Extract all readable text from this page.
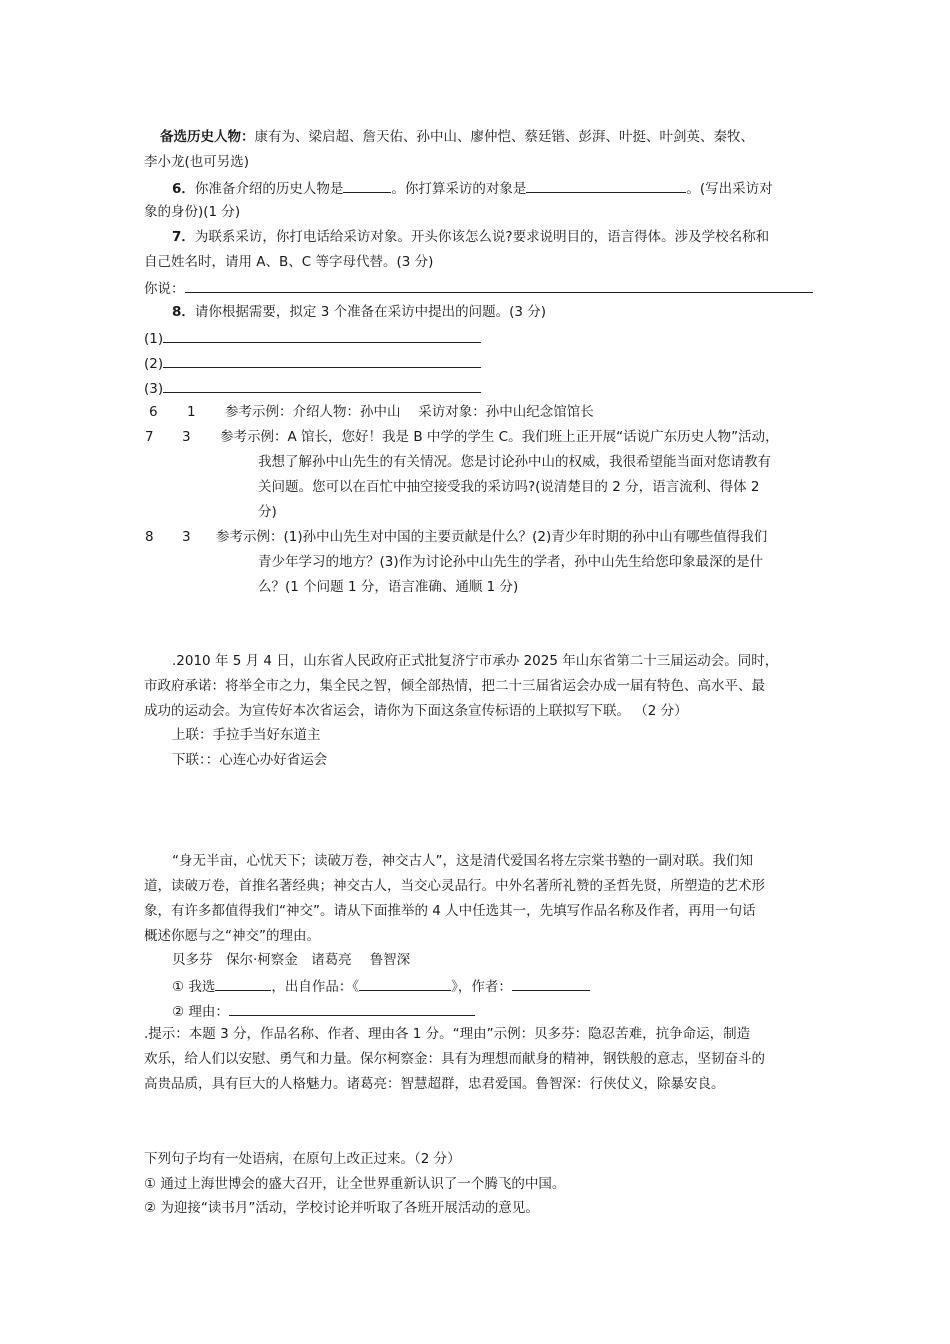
备选历史人物：康有为、梁启超、詹天佑、孙中山、廖仲恺、蔡廷锴、彭湃、叶挺、叶剑英、秦牧、
李小龙(也可另选)
6．你准备介绍的历史人物是	。你打算采访的对象是	。(写出采访对
象的身份)(1 分)
7．为联系采访，你打电话给采访对象。开头你该怎么说?要求说明目的，语言得体。涉及学校名称和
自己姓名时，请用 A、B、C 等字母代替。(3 分)
你说：
8．请你根据需要，拟定 3 个准备在采访中提出的问题。(3 分)
(1)
(2)
(3)
6 1 参考示例：介绍人物：孙中山　 采访对象：孙中山纪念馆馆长
7 3 参考示例：A 馆长，您好！我是 B 中学的学生 C。我们班上正开展“话说广东历史人物”活动，
我想了解孙中山先生的有关情况。您是讨论孙中山的权威，我很希望能当面对您请教有
关问题。您可以在百忙中抽空接受我的采访吗?(说清楚目的 2 分，语言流利、得体 2
分)
8 3 参考示例：(1)孙中山先生对中国的主要贡献是什么？(2)青少年时期的孙中山有哪些值得我们
青少年学习的地方？(3)作为讨论孙中山先生的学者，孙中山先生给您印象最深的是什
么？(1 个问题 1 分，语言准确、通顺 1 分)
.2010 年 5 月 4 日，山东省人民政府正式批复济宁市承办 2025 年山东省第二十三届运动会。同时，
市政府承诺：将举全市之力，集全民之智，倾全部热情，把二十三届省运会办成一届有特色、高水平、最
成功的运动会。为宣传好本次省运会，请你为下面这条宣传标语的上联拟写下联。 （2 分）
上联：手拉手当好东道主
下联：：心连心办好省运会
“身无半亩，心忧天下；读破万卷，神交古人”，这是清代爱国名将左宗棠书塾的一副对联。我们知
道，读破万卷，首推名著经典；神交古人，当交心灵品行。中外名著所礼赞的圣哲先贤，所塑造的艺术形
象，有许多都值得我们“神交”。请从下面推举的 4 人中任选其一，先填写作品名称及作者，再用一句话
概述你愿与之“神交”的理由。
贝多芬　保尔·柯察金　诸葛亮　 鲁智深
① 我选	，出自作品：《	》，作者：
② 理由：
.提示：本题 3 分，作品名称、作者、理由各 1 分。“理由”示例：贝多芬：隐忍苦难，抗争命运，制造
欢乐，给人们以安慰、勇气和力量。保尔柯察金：具有为理想而献身的精神，钢铁般的意志，坚韧奋斗的
高贵品质，具有巨大的人格魅力。诸葛亮：智慧超群，忠君爱国。鲁智深：行侠仗义，除暴安良。
下列句子均有一处语病，在原句上改正过来。（2 分）
① 通过上海世博会的盛大召开，让全世界重新认识了一个腾飞的中国。
② 为迎接“读书月”活动，学校讨论并听取了各班开展活动的意见。
